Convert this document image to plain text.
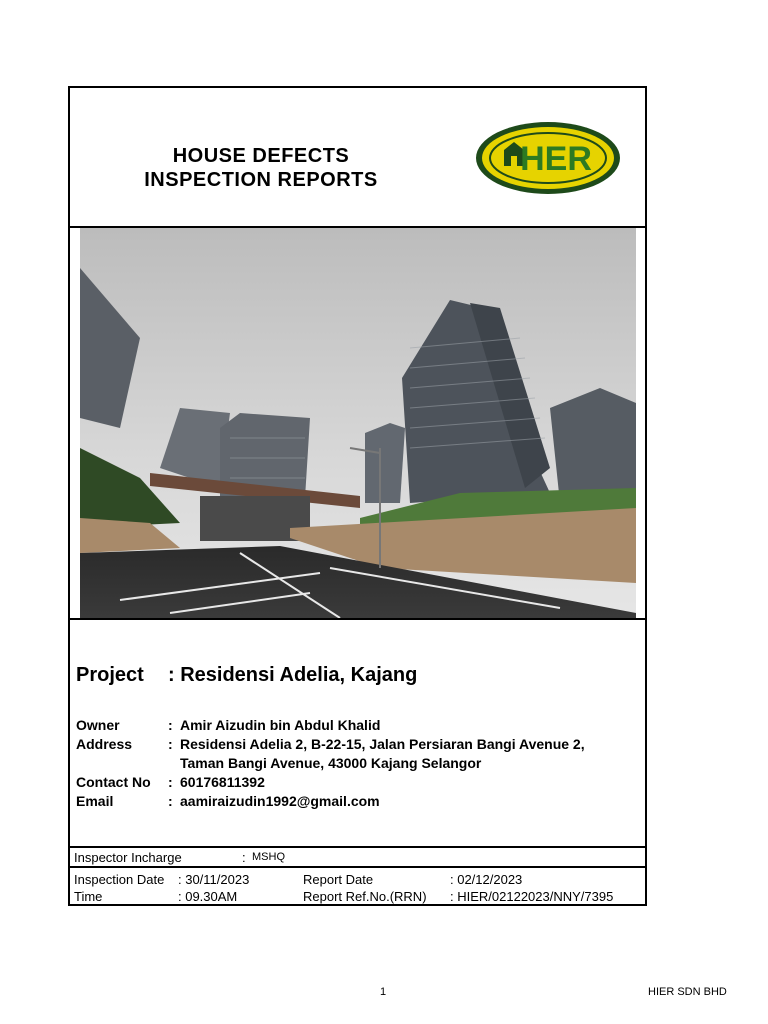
HOUSE DEFECTS
INSPECTION REPORTS
HER
Project : Residensi Adelia, Kajang
Owner	: Amir Aizudin bin Abdul Khalid
Address	: Residensi Adelia 2, B-22-15, Jalan Persiaran Bangi Avenue 2,
Taman Bangi Avenue, 43000 Kajang Selangor
Contact No	: 60176811392
Email	: aamiraizudin1992@gmail.com
Inspector Incharge	: MSHQ
Inspection Date : 30/11/2023	Report Date	: 02/12/2023
Time	: 09.30AM	Report Ref.No.(RRN) : HIER/02122023/NNY/7395
1	HIER SDN BHD
